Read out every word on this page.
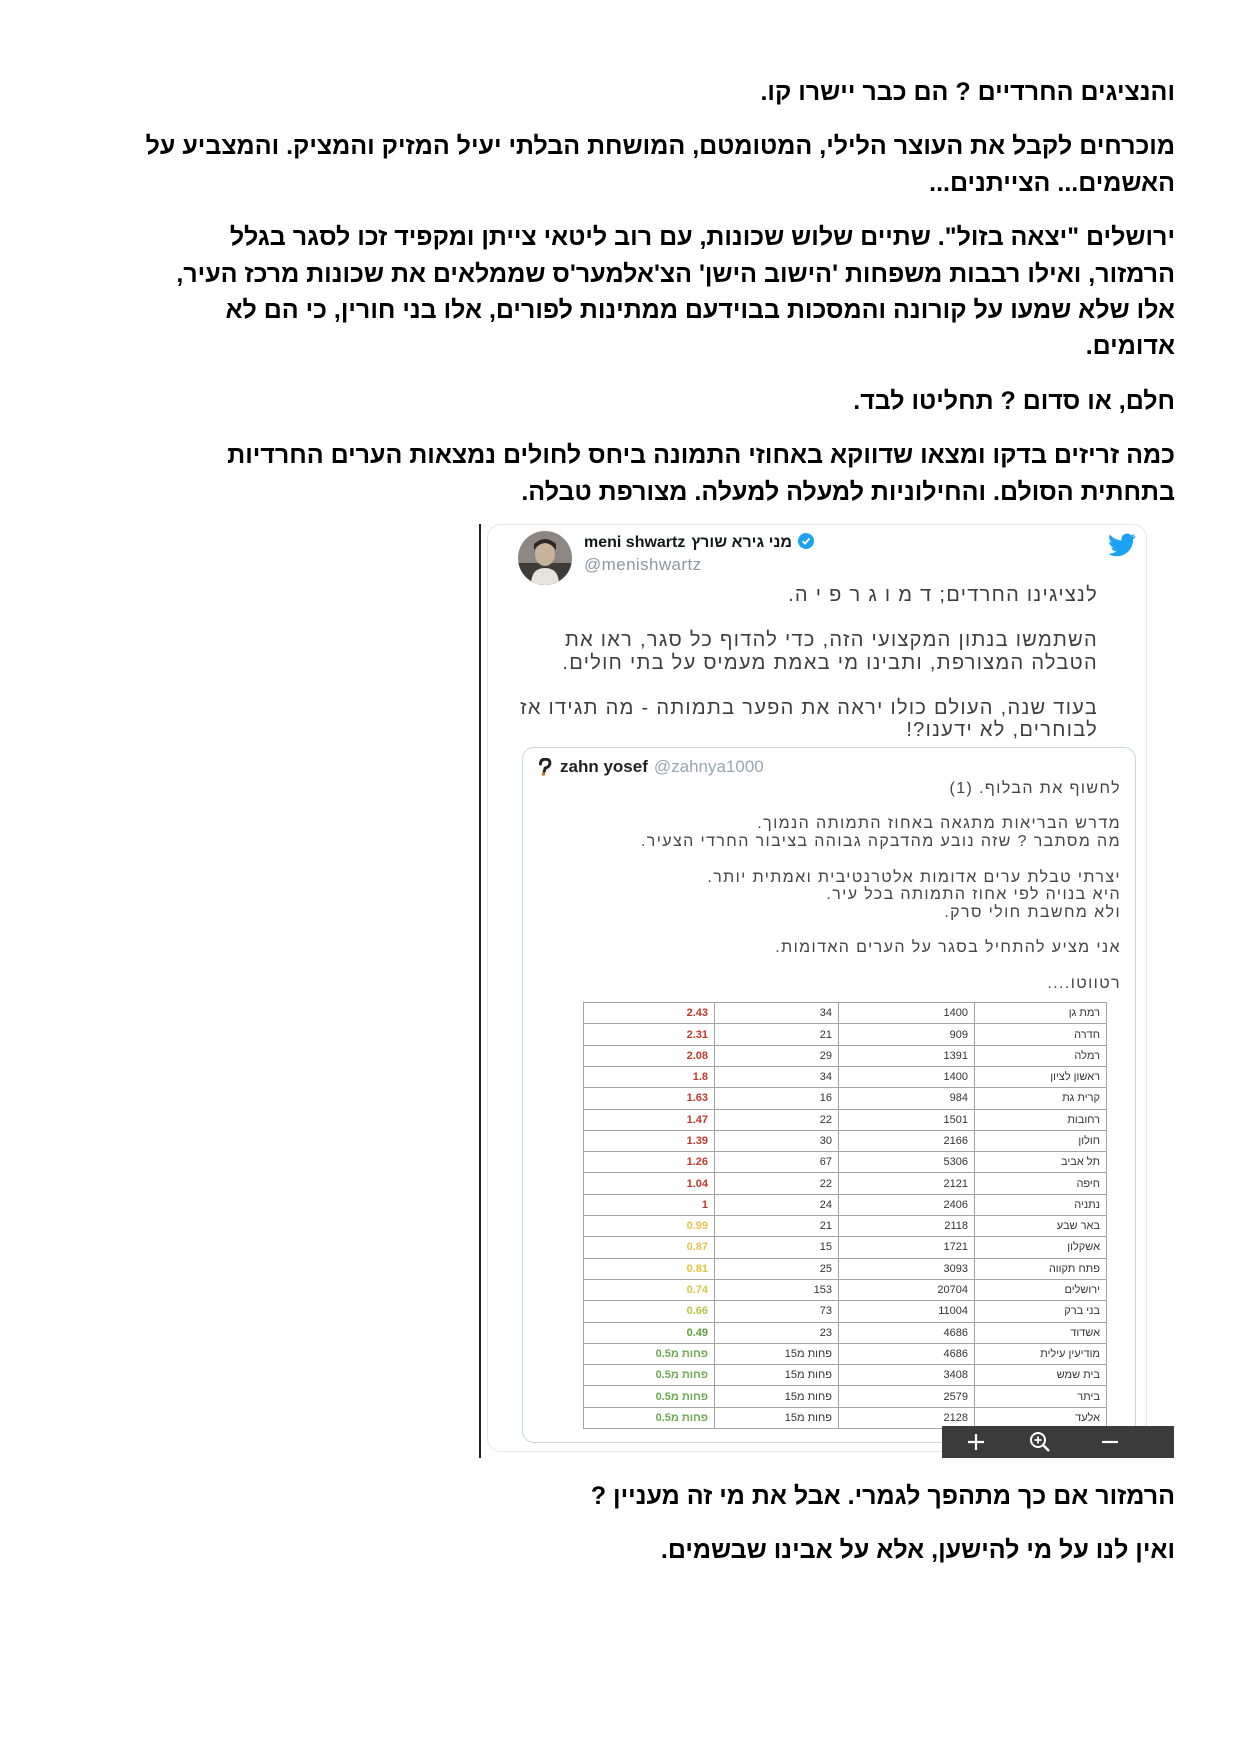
והנציגים החרדיים ? הם כבר יישרו קו.

מוכרחים לקבל את העוצר הלילי, המטומטם, המושחת הבלתי יעיל המזיק והמציק. והמצביע על
האשמים... הצייתנים...

ירושלים "יצאה בזול". שתיים שלוש שכונות, עם רוב ליטאי צייתן ומקפיד זכו לסגר בגלל
הרמזור, ואילו רבבות משפחות 'הישוב הישן' הצ'אלמער'ס שממלאים את שכונות מרכז העיר,
אלו שלא שמעו על קורונה והמסכות בבוידעם ממתינות לפורים, אלו בני חורין, כי הם לא
אדומים.

חלם, או סדום ? תחליטו לבד.

כמה זריזים בדקו ומצאו שדווקא באחוזי התמונה ביחס לחולים נמצאות הערים החרדיות
בתחתית הסולם. והחילוניות למעלה למעלה. מצורפת טבלה.

meni shwartz מני גירא שורץ
@menishwartz

לנציגינו החרדים; ד מ ו ג ר פ י ה.

השתמשו בנתון המקצועי הזה, כדי להדוף כל סגר, ראו את
הטבלה המצורפת, ותבינו מי באמת מעמיס על בתי חולים.

בעוד שנה, העולם כולו יראה את הפער בתמותה - מה תגידו אז
לבוחרים, לא ידענו?!

zahn yosef @zahnya1000

לחשוף את הבלוף. (1)

מדרש הבריאות מתגאה באחוז התמותה הנמוך.
מה מסתבר ? שזה נובע מהדבקה גבוהה בציבור החרדי הצעיר.

יצרתי טבלת ערים אדומות אלטרנטיבית ואמתית יותר.
היא בנויה לפי אחוז התמותה בכל עיר.
ולא מחשבת חולי סרק.

אני מציע להתחיל בסגר על הערים האדומות.

רטווטו....

רמת גן	1400	34	2.43
חדרה	909	21	2.31
רמלה	1391	29	2.08
ראשון לציון	1400	34	1.8
קרית גת	984	16	1.63
רחובות	1501	22	1.47
חולון	2166	30	1.39
תל אביב	5306	67	1.26
חיפה	2121	22	1.04
נתניה	2406	24	1
באר שבע	2118	21	0.99
אשקלון	1721	15	0.87
פתח תקווה	3093	25	0.81
ירושלים	20704	153	0.74
בני ברק	11004	73	0.66
אשדוד	4686	23	0.49
מודיעין עילית	4686	פחות מ15	פחות מ0.5
בית שמש	3408	פחות מ15	פחות מ0.5
ביתר	2579	פחות מ15	פחות מ0.5
אלעד	2128	פחות מ15	פחות מ0.5

הרמזור אם כך מתהפך לגמרי. אבל את מי זה מעניין ?

ואין לנו על מי להישען, אלא על אבינו שבשמים.
